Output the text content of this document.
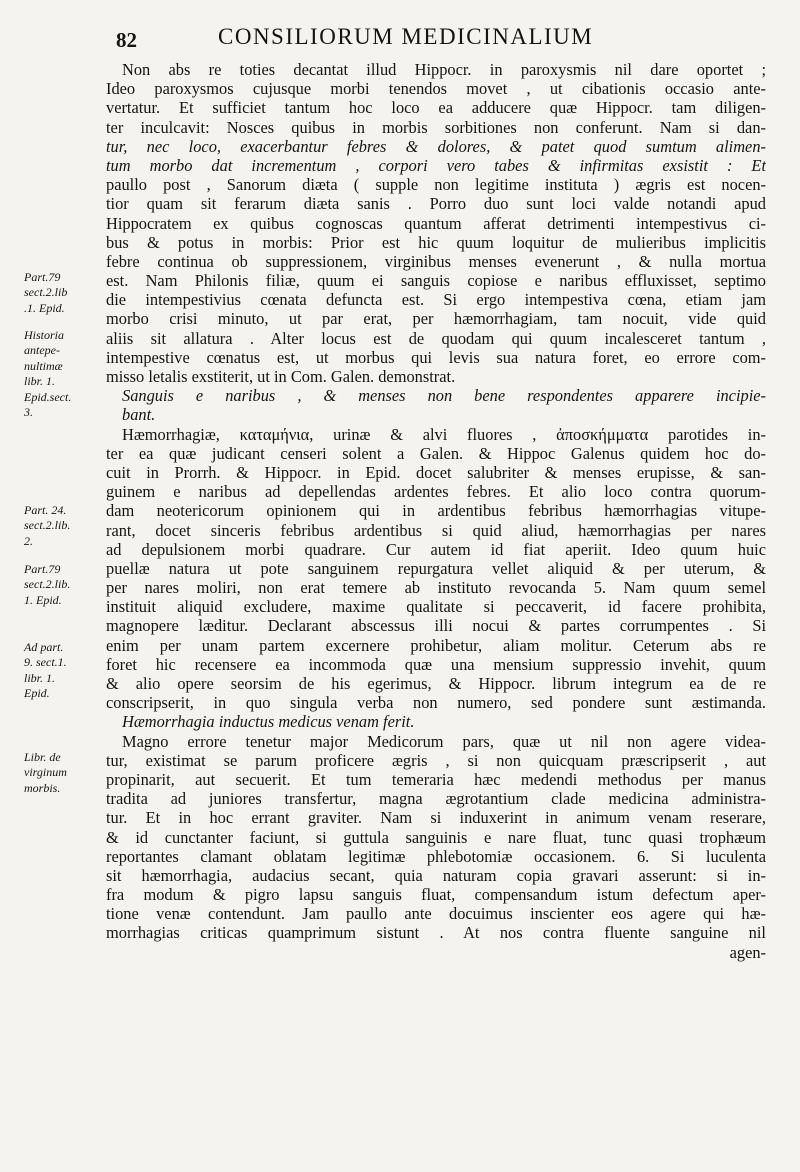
82	CONSILIORUM MEDICINALIUM
Part.79
sect.2.lib
.1. Epid.
Historia
antepe-
nultimæ
libr. 1.
Epid.sect.
3.
Part. 24.
sect.2.lib.
2.
Part.79
sect.2.lib.
1. Epid.
Ad part.
9. sect.1.
libr. 1.
Epid.
Libr. de
virginum
morbis.
Non abs re toties decantat illud Hippocr. in paroxysmis nil dare oportet ;
Ideo paroxysmos cujusque morbi tenendos movet , ut cibationis occasio ante-
vertatur. Et sufficiet tantum hoc loco ea adducere quæ Hippocr. tam diligen-
ter inculcavit: Nosces quibus in morbis sorbitiones non conferunt. Nam si dan-
tur, nec loco, exacerbantur febres & dolores, & patet quod sumtum alimen-
tum morbo dat incrementum , corpori vero tabes & infirmitas exsistit : Et
paullo post , Sanorum diæta ( supple non legitime instituta ) ægris est nocen-
tior quam sit ferarum diæta sanis . Porro duo sunt loci valde notandi apud
Hippocratem ex quibus cognoscas quantum afferat detrimenti intempestivus ci-
bus & potus in morbis: Prior est hic quum loquitur de mulieribus implicitis
febre continua ob suppressionem, virginibus menses evenerunt , & nulla mortua
est. Nam Philonis filiæ, quum ei sanguis copiose e naribus effluxisset, septimo
die intempestivius cœnata defuncta est. Si ergo intempestiva cœna, etiam jam
morbo crisi minuto, ut par erat, per hæmorrhagiam, tam nocuit, vide quid
aliis sit allatura . Alter locus est de quodam qui quum incalesceret tantum ,
intempestive cœnatus est, ut morbus qui levis sua natura foret, eo errore com-
misso letalis exstiterit, ut in Com. Galen. demonstrat.
Sanguis e naribus , & menses non bene respondentes apparere incipie-
bant.
Hæmorrhagiæ, καταμήνια, urinæ & alvi fluores , ἀποσκήμματα parotides in-
ter ea quæ judicant censeri solent a Galen. & Hippoc Galenus quidem hoc do-
cuit in Prorrh. & Hippocr. in Epid. docet salubriter & menses erupisse, & san-
guinem e naribus ad depellendas ardentes febres. Et alio loco contra quorum-
dam neotericorum opinionem qui in ardentibus febribus hæmorrhagias vitupe-
rant, docet sinceris febribus ardentibus si quid aliud, hæmorrhagias per nares
ad depulsionem morbi quadrare. Cur autem id fiat aperiit. Ideo quum huic
puellæ natura ut pote sanguinem repurgatura vellet aliquid & per uterum, &
per nares moliri, non erat temere ab instituto revocanda 5. Nam quum semel
instituit aliquid excludere, maxime qualitate si peccaverit, id facere prohibita,
magnopere læditur. Declarant abscessus illi nocui & partes corrumpentes . Si
enim per unam partem excernere prohibetur, aliam molitur. Ceterum abs re
foret hic recensere ea incommoda quæ una mensium suppressio invehit, quum
& alio opere seorsim de his egerimus, & Hippocr. librum integrum ea de re
conscripserit, in quo singula verba non numero, sed pondere sunt æstimanda.
Hæmorrhagia inductus medicus venam ferit.
Magno errore tenetur major Medicorum pars, quæ ut nil non agere videa-
tur, existimat se parum proficere ægris , si non quicquam præscripserit , aut
propinarit, aut secuerit. Et tum temeraria hæc medendi methodus per manus
tradita ad juniores transfertur, magna ægrotantium clade medicina administra-
tur. Et in hoc errant graviter. Nam si induxerint in animum venam reserare,
& id cunctanter faciunt, si guttula sanguinis e nare fluat, tunc quasi trophæum
reportantes clamant oblatam legitimæ phlebotomiæ occasionem. 6. Si luculenta
sit hæmorrhagia, audacius secant, quia naturam copia gravari asserunt: si in-
fra modum & pigro lapsu sanguis fluat, compensandum istum defectum aper-
tione venæ contendunt. Jam paullo ante docuimus inscienter eos agere qui hæ-
morrhagias criticas quamprimum sistunt . At nos contra fluente sanguine nil
agen-
